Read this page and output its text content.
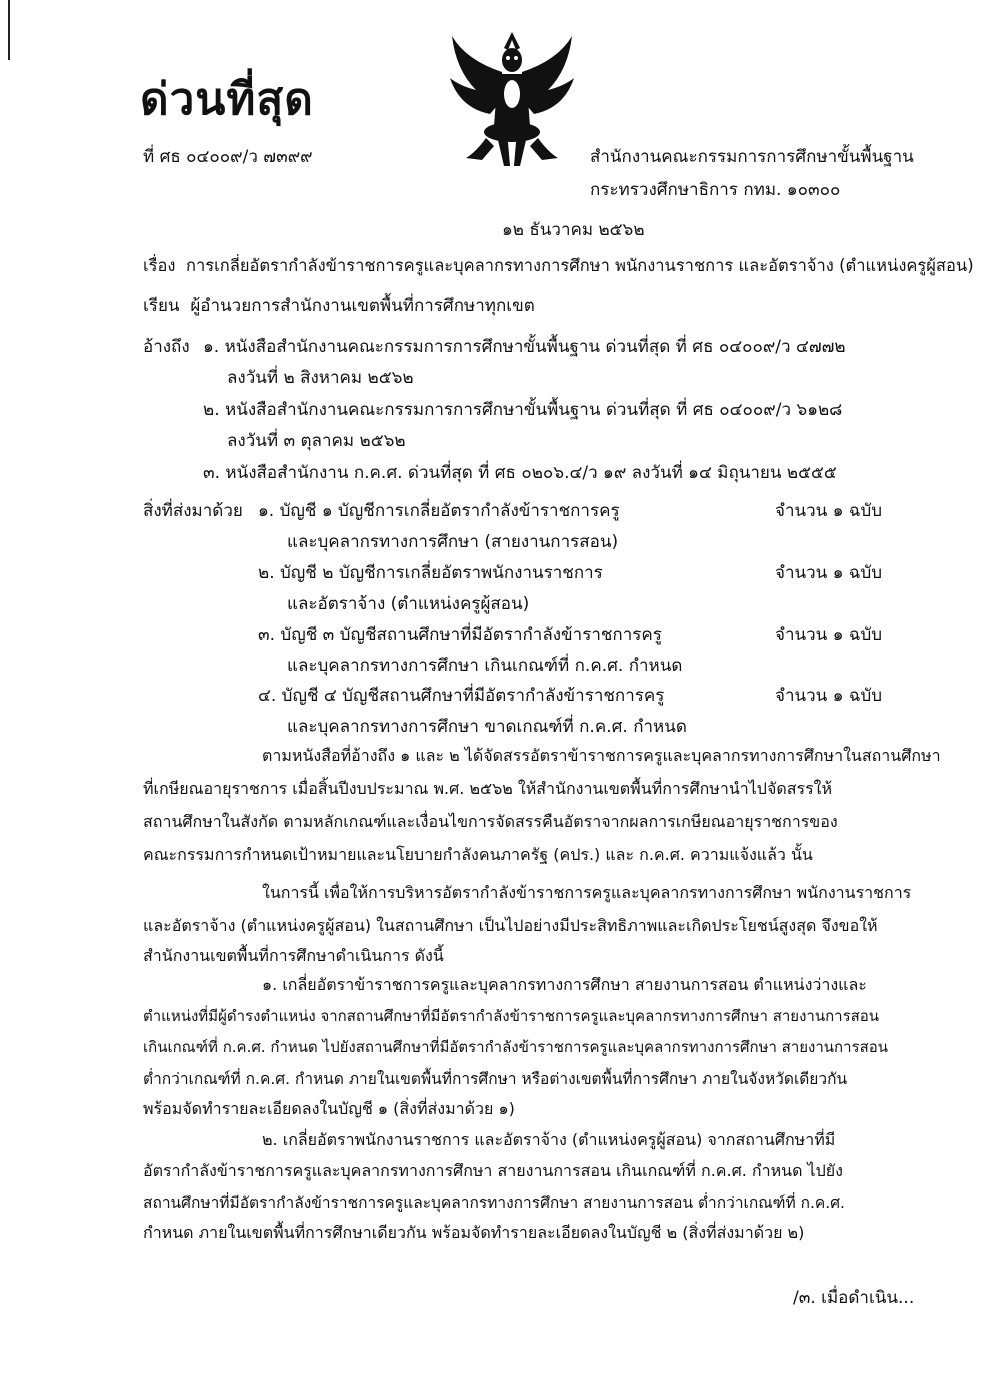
ด่วนที่สุด
ที่ ศธ ๐๔๐๐๙/ว ๗๓๙๙	สำนักงานคณะกรรมการการศึกษาขั้นพื้นฐาน
กระทรวงศึกษาธิการ กทม. ๑๐๓๐๐
๑๒ ธันวาคม ๒๕๖๒
เรื่อง การเกลี่ยอัตรากำลังข้าราชการครูและบุคลากรทางการศึกษา พนักงานราชการ และอัตราจ้าง (ตำแหน่งครูผู้สอน)
เรียน ผู้อำนวยการสำนักงานเขตพื้นที่การศึกษาทุกเขต
อ้างถึง ๑. หนังสือสำนักงานคณะกรรมการการศึกษาขั้นพื้นฐาน ด่วนที่สุด ที่ ศธ ๐๔๐๐๙/ว ๔๗๗๒
ลงวันที่ ๒ สิงหาคม ๒๕๖๒
๒. หนังสือสำนักงานคณะกรรมการการศึกษาขั้นพื้นฐาน ด่วนที่สุด ที่ ศธ ๐๔๐๐๙/ว ๖๑๒๘
ลงวันที่ ๓ ตุลาคม ๒๕๖๒
๓. หนังสือสำนักงาน ก.ค.ศ. ด่วนที่สุด ที่ ศธ ๐๒๐๖.๔/ว ๑๙ ลงวันที่ ๑๔ มิถุนายน ๒๕๕๕
สิ่งที่ส่งมาด้วย ๑. บัญชี ๑ บัญชีการเกลี่ยอัตรากำลังข้าราชการครู
และบุคลากรทางการศึกษา (สายงานการสอน)
จำนวน ๑ ฉบับ
๒. บัญชี ๒ บัญชีการเกลี่ยอัตราพนักงานราชการ
และอัตราจ้าง (ตำแหน่งครูผู้สอน)
จำนวน ๑ ฉบับ
๓. บัญชี ๓ บัญชีสถานศึกษาที่มีอัตรากำลังข้าราชการครู
และบุคลากรทางการศึกษา เกินเกณฑ์ที่ ก.ค.ศ. กำหนด
จำนวน ๑ ฉบับ
๔. บัญชี ๔ บัญชีสถานศึกษาที่มีอัตรากำลังข้าราชการครู
และบุคลากรทางการศึกษา ขาดเกณฑ์ที่ ก.ค.ศ. กำหนด
จำนวน ๑ ฉบับ
ตามหนังสือที่อ้างถึง ๑ และ ๒ ได้จัดสรรอัตราข้าราชการครูและบุคลากรทางการศึกษาในสถานศึกษา
ที่เกษียณอายุราชการ เมื่อสิ้นปีงบประมาณ พ.ศ. ๒๕๖๒ ให้สำนักงานเขตพื้นที่การศึกษานำไปจัดสรรให้
สถานศึกษาในสังกัด ตามหลักเกณฑ์และเงื่อนไขการจัดสรรคืนอัตราจากผลการเกษียณอายุราชการของ
คณะกรรมการกำหนดเป้าหมายและนโยบายกำลังคนภาครัฐ (คปร.) และ ก.ค.ศ. ความแจ้งแล้ว นั้น
ในการนี้ เพื่อให้การบริหารอัตรากำลังข้าราชการครูและบุคลากรทางการศึกษา พนักงานราชการ
และอัตราจ้าง (ตำแหน่งครูผู้สอน) ในสถานศึกษา เป็นไปอย่างมีประสิทธิภาพและเกิดประโยชน์สูงสุด จึงขอให้
สำนักงานเขตพื้นที่การศึกษาดำเนินการ ดังนี้
๑. เกลี่ยอัตราข้าราชการครูและบุคลากรทางการศึกษา สายงานการสอน ตำแหน่งว่างและ
ตำแหน่งที่มีผู้ดำรงตำแหน่ง จากสถานศึกษาที่มีอัตรากำลังข้าราชการครูและบุคลากรทางการศึกษา สายงานการสอน
เกินเกณฑ์ที่ ก.ค.ศ. กำหนด ไปยังสถานศึกษาที่มีอัตรากำลังข้าราชการครูและบุคลากรทางการศึกษา สายงานการสอน
ต่ำกว่าเกณฑ์ที่ ก.ค.ศ. กำหนด ภายในเขตพื้นที่การศึกษา หรือต่างเขตพื้นที่การศึกษา ภายในจังหวัดเดียวกัน
พร้อมจัดทำรายละเอียดลงในบัญชี ๑ (สิ่งที่ส่งมาด้วย ๑)
๒. เกลี่ยอัตราพนักงานราชการ และอัตราจ้าง (ตำแหน่งครูผู้สอน) จากสถานศึกษาที่มี
อัตรากำลังข้าราชการครูและบุคลากรทางการศึกษา สายงานการสอน เกินเกณฑ์ที่ ก.ค.ศ. กำหนด ไปยัง
สถานศึกษาที่มีอัตรากำลังข้าราชการครูและบุคลากรทางการศึกษา สายงานการสอน ต่ำกว่าเกณฑ์ที่ ก.ค.ศ.
กำหนด ภายในเขตพื้นที่การศึกษาเดียวกัน พร้อมจัดทำรายละเอียดลงในบัญชี ๒ (สิ่งที่ส่งมาด้วย ๒)
/๓. เมื่อดำเนิน...
